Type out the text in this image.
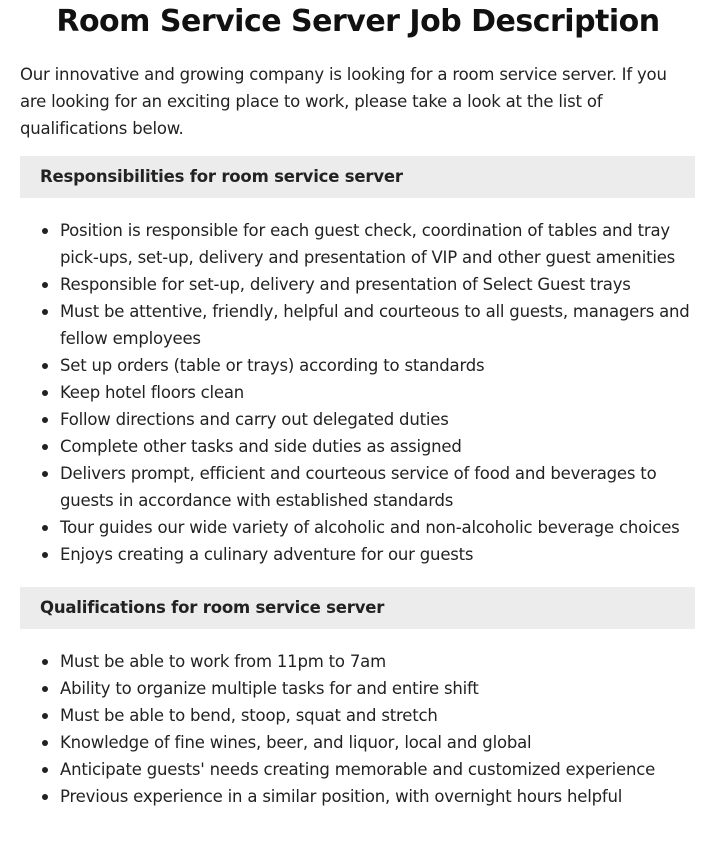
Room Service Server Job Description

Our innovative and growing company is looking for a room service server. If you are looking for an exciting place to work, please take a look at the list of qualifications below.

Responsibilities for room service server
Position is responsible for each guest check, coordination of tables and tray pick-ups, set-up, delivery and presentation of VIP and other guest amenities
Responsible for set-up, delivery and presentation of Select Guest trays
Must be attentive, friendly, helpful and courteous to all guests, managers and fellow employees
Set up orders (table or trays) according to standards
Keep hotel floors clean
Follow directions and carry out delegated duties
Complete other tasks and side duties as assigned
Delivers prompt, efficient and courteous service of food and beverages to guests in accordance with established standards
Tour guides our wide variety of alcoholic and non-alcoholic beverage choices
Enjoys creating a culinary adventure for our guests
Qualifications for room service server
Must be able to work from 11pm to 7am
Ability to organize multiple tasks for and entire shift
Must be able to bend, stoop, squat and stretch
Knowledge of fine wines, beer, and liquor, local and global
Anticipate guests' needs creating memorable and customized experience
Previous experience in a similar position, with overnight hours helpful
